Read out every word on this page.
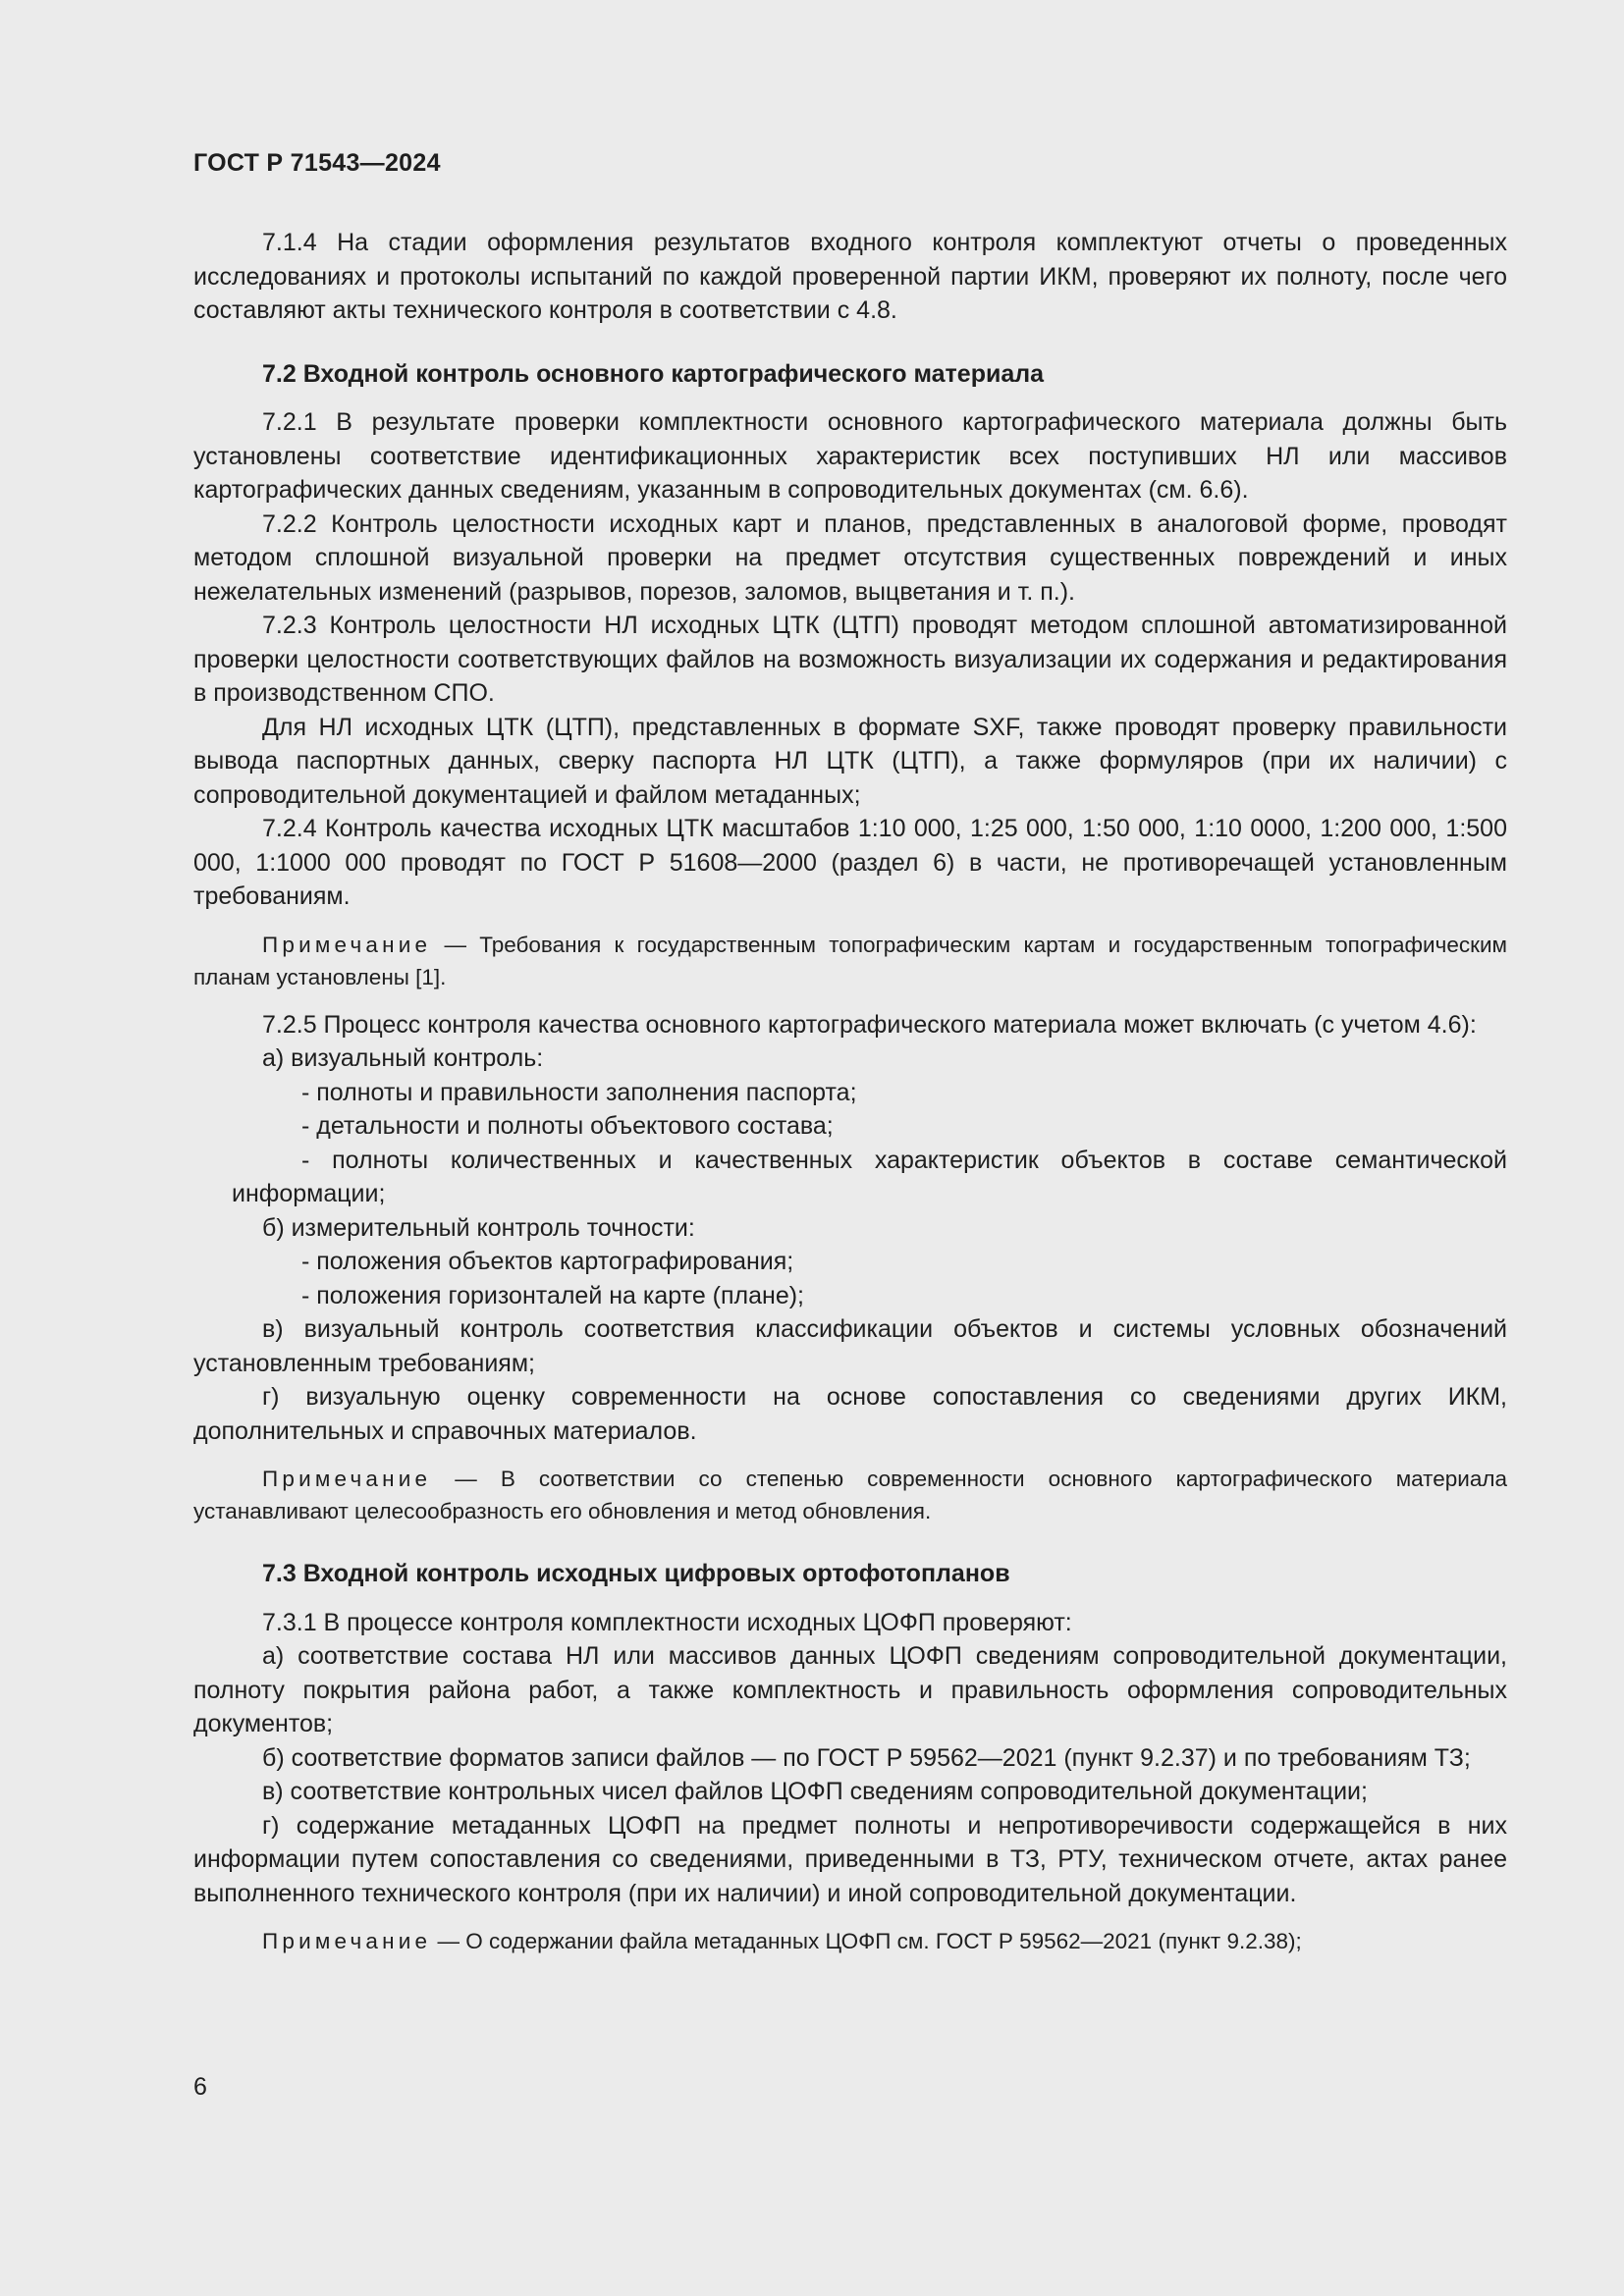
ГОСТ Р 71543—2024

7.1.4 На стадии оформления результатов входного контроля комплектуют отчеты о проведенных исследованиях и протоколы испытаний по каждой проверенной партии ИКМ, проверяют их полноту, после чего составляют акты технического контроля в соответствии с 4.8.

7.2 Входной контроль основного картографического материала

7.2.1 В результате проверки комплектности основного картографического материала должны быть установлены соответствие идентификационных характеристик всех поступивших НЛ или массивов картографических данных сведениям, указанным в сопроводительных документах (см. 6.6).

7.2.2 Контроль целостности исходных карт и планов, представленных в аналоговой форме, проводят методом сплошной визуальной проверки на предмет отсутствия существенных повреждений и иных нежелательных изменений (разрывов, порезов, заломов, выцветания и т. п.).

7.2.3 Контроль целостности НЛ исходных ЦТК (ЦТП) проводят методом сплошной автоматизированной проверки целостности соответствующих файлов на возможность визуализации их содержания и редактирования в производственном СПО.

Для НЛ исходных ЦТК (ЦТП), представленных в формате SXF, также проводят проверку правильности вывода паспортных данных, сверку паспорта НЛ ЦТК (ЦТП), а также формуляров (при их наличии) с сопроводительной документацией и файлом метаданных;

7.2.4 Контроль качества исходных ЦТК масштабов 1:10 000, 1:25 000, 1:50 000, 1:10 0000, 1:200 000, 1:500 000, 1:1000 000 проводят по ГОСТ Р 51608—2000 (раздел 6) в части, не противоречащей установленным требованиям.

Примечание — Требования к государственным топографическим картам и государственным топографическим планам установлены [1].

7.2.5 Процесс контроля качества основного картографического материала может включать (с учетом 4.6):

а) визуальный контроль:

- полноты и правильности заполнения паспорта;

- детальности и полноты объектового состава;

- полноты количественных и качественных характеристик объектов в составе семантической информации;

б) измерительный контроль точности:

- положения объектов картографирования;

- положения горизонталей на карте (плане);

в) визуальный контроль соответствия классификации объектов и системы условных обозначений установленным требованиям;

г) визуальную оценку современности на основе сопоставления со сведениями других ИКМ, дополнительных и справочных материалов.

Примечание — В соответствии со степенью современности основного картографического материала устанавливают целесообразность его обновления и метод обновления.

7.3 Входной контроль исходных цифровых ортофотопланов

7.3.1 В процессе контроля комплектности исходных ЦОФП проверяют:

а) соответствие состава НЛ или массивов данных ЦОФП сведениям сопроводительной документации, полноту покрытия района работ, а также комплектность и правильность оформления сопроводительных документов;

б) соответствие форматов записи файлов — по ГОСТ Р 59562—2021 (пункт 9.2.37) и по требованиям ТЗ;

в) соответствие контрольных чисел файлов ЦОФП сведениям сопроводительной документации;

г) содержание метаданных ЦОФП на предмет полноты и непротиворечивости содержащейся в них информации путем сопоставления со сведениями, приведенными в ТЗ, РТУ, техническом отчете, актах ранее выполненного технического контроля (при их наличии) и иной сопроводительной документации.

Примечание — О содержании файла метаданных ЦОФП см. ГОСТ Р 59562—2021 (пункт 9.2.38);

6
